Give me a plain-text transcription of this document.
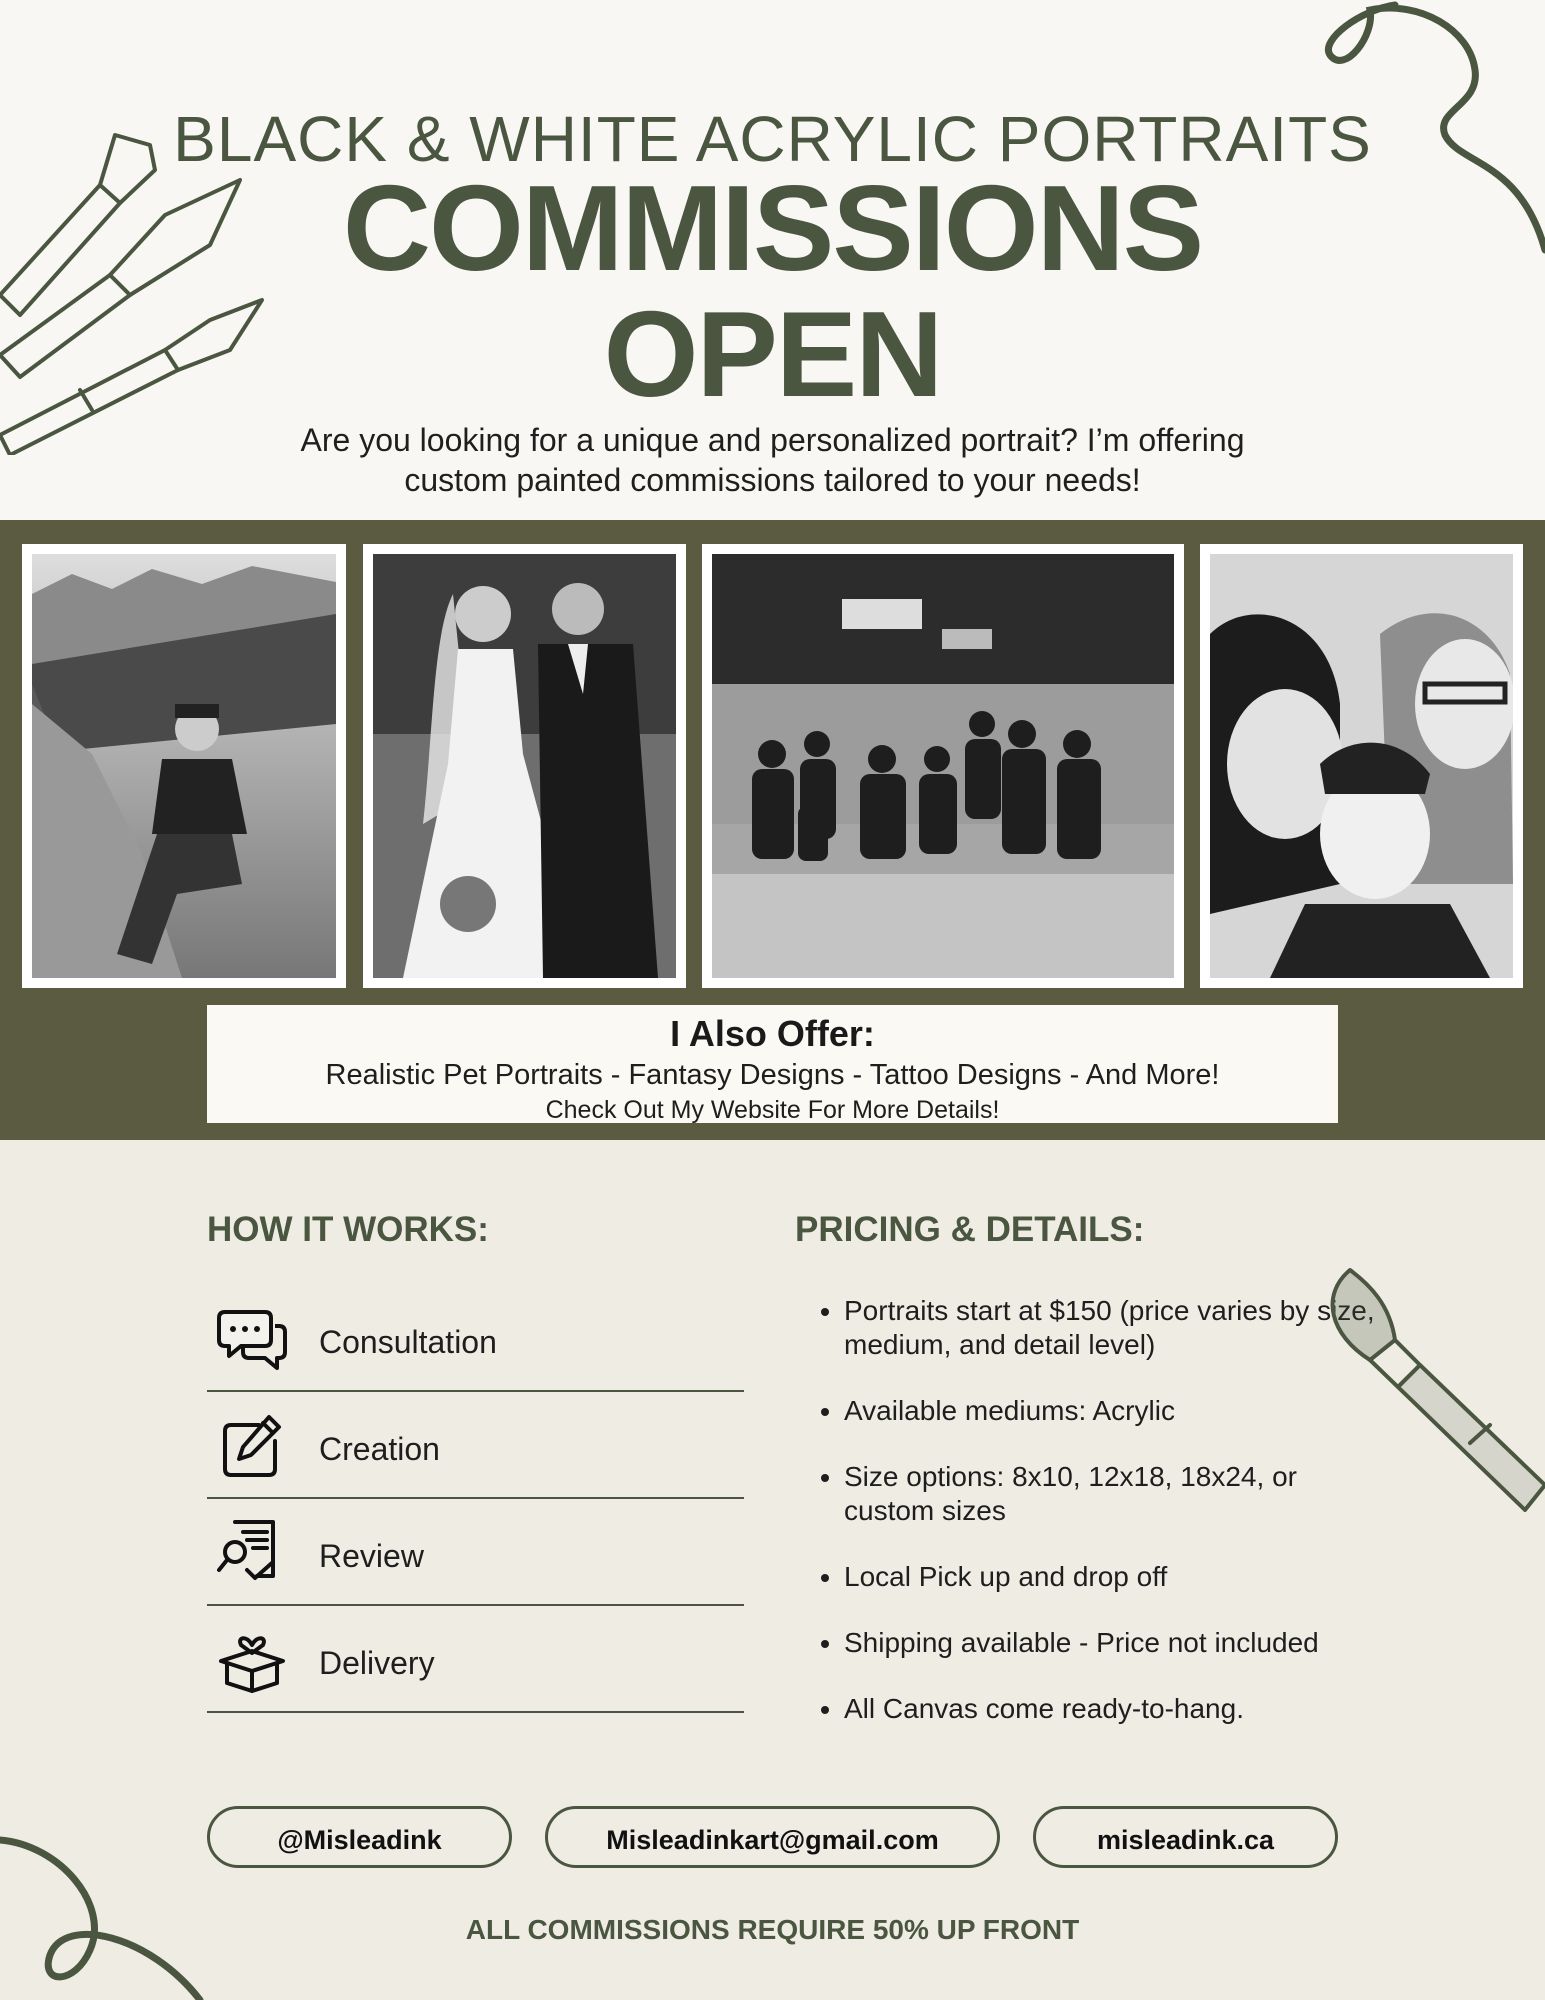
BLACK & WHITE ACRYLIC PORTRAITS
COMMISSIONS
OPEN
Are you looking for a unique and personalized portrait? I’m offering
custom painted commissions tailored to your needs!
I Also Offer:
Realistic Pet Portraits - Fantasy Designs - Tattoo Designs - And More!
Check Out My Website For More Details!
HOW IT WORKS:	PRICING & DETAILS:
Consultation
Creation
Review
Delivery
• Portraits start at $150 (price varies by size, medium, and detail level)
• Available mediums: Acrylic
• Size options: 8x10, 12x18, 18x24, or custom sizes
• Local Pick up and drop off
• Shipping available - Price not included
• All Canvas come ready-to-hang.
@Misleadink	Misleadinkart@gmail.com	misleadink.ca
ALL COMMISSIONS REQUIRE 50% UP FRONT
